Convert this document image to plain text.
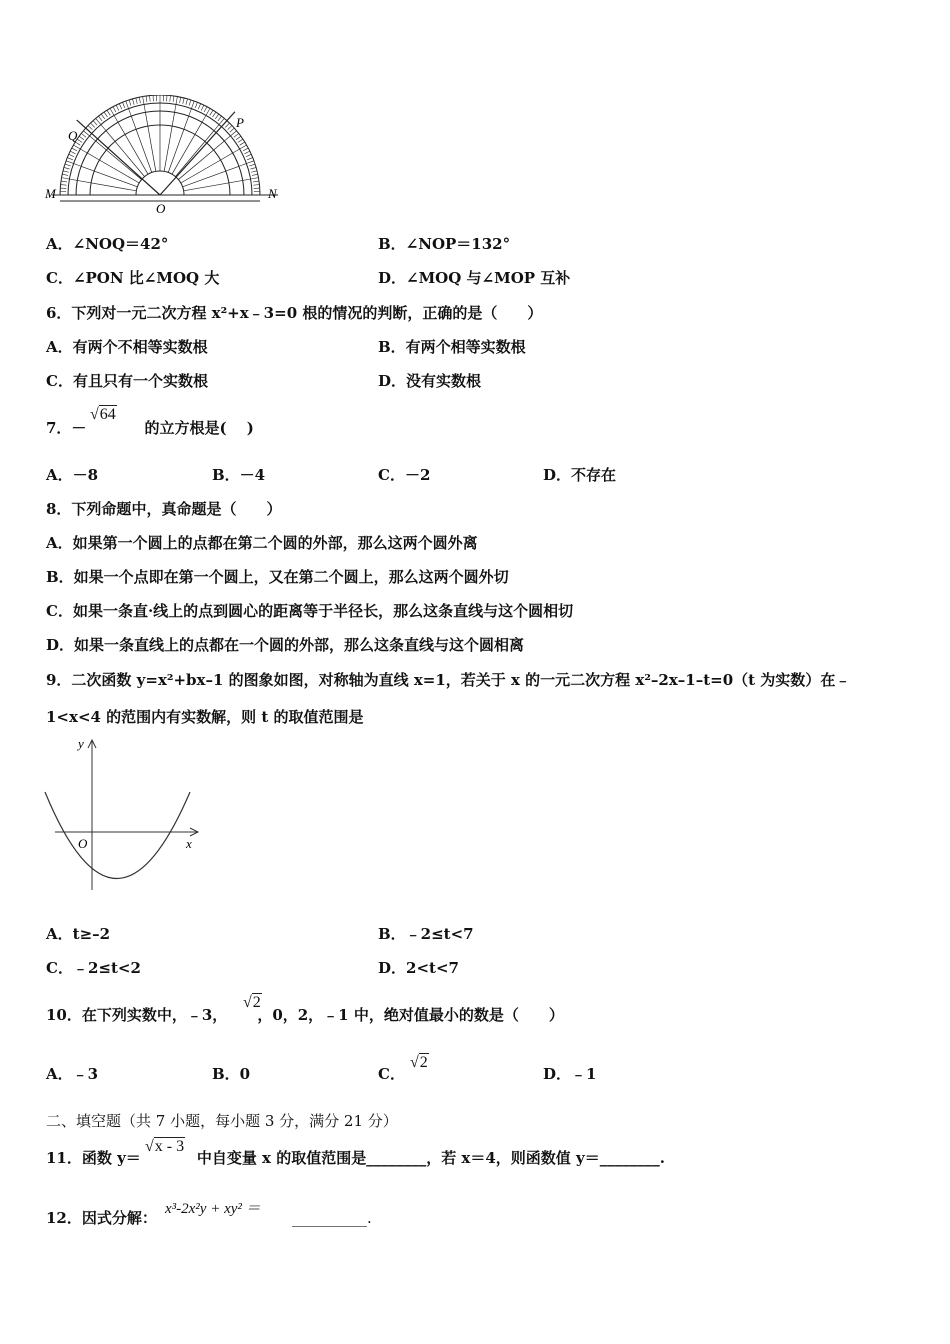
Q
P
M	N
O
A．∠NOQ＝42°	B．∠NOP＝132°
C．∠PON 比∠MOQ 大	D．∠MOQ 与∠MOP 互补
6．下列对一元二次方程 x²+x﹣3=0 根的情况的判断，正确的是（　　）
A．有两个不相等实数根	B．有两个相等实数根
C．有且只有一个实数根	D．没有实数根
7．－	的立方根是(　 )
√64
A．－8	B．－4	C．－2	D．不存在
8．下列命题中，真命题是（　　）
A．如果第一个圆上的点都在第二个圆的外部，那么这两个圆外离
B．如果一个点即在第一个圆上，又在第二个圆上，那么这两个圆外切
C．如果一条直·线上的点到圆心的距离等于半径长，那么这条直线与这个圆相切
D．如果一条直线上的点都在一个圆的外部，那么这条直线与这个圆相离
9．二次函数 y=x²+bx–1 的图象如图，对称轴为直线 x=1，若关于 x 的一元二次方程 x²–2x–1–t=0（t 为实数）在﹣
1<x<4 的范围内有实数解，则 t 的取值范围是
y
x
O
A．t≥–2	B．﹣2≤t<7
C．﹣2≤t<2	D．2<t<7
10．在下列实数中，﹣3， ，0，2，﹣1 中，绝对值最小的数是（　　）
√2
A．﹣3	B．0	C．
√2
D．﹣1
二、填空题（共 7 小题，每小题 3 分，满分 21 分）
11．函数 y＝	中自变量 x 的取值范围是________，若 x＝4，则函数值 y＝________.
√x - 3
12．因式分解： x³-2x²y + xy² ＝ __________.
